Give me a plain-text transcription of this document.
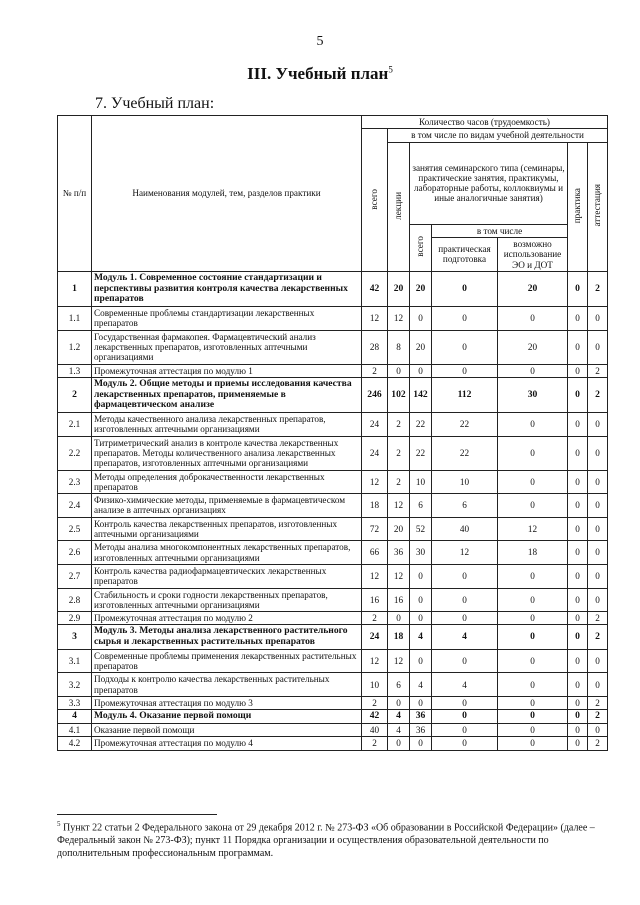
5
III. Учебный план$^5$
7. Учебный план:
№ п/п	Наименования модулей, тем, разделов практики	Количество часов (трудоемкость)						
		всего	в том числе по видам учебной деятельности					
			лекции	занятия семинарского типа (семинары, практические занятия, практикумы, лабораторные работы, коллоквиумы и иные аналогичные занятия)			практика	аттестация
				всего	в том числе			
					практическая подготовка	возможно использование ЭО и ДОТ		
1	Модуль 1. Современное состояние стандартизации и перспективы развития контроля качества лекарственных препаратов	42	20	20	0	20	0	2
1.1	Современные проблемы стандартизации лекарственных препаратов	12	12	0	0	0	0	0
1.2	Государственная фармакопея. Фармацевтический анализ лекарственных препаратов, изготовленных аптечными организациями	28	8	20	0	20	0	0
1.3	Промежуточная аттестация по модулю 1	2	0	0	0	0	0	2
2	Модуль 2. Общие методы и приемы исследования качества лекарственных препаратов, применяемые в фармацевтическом анализе	246	102	142	112	30	0	2
2.1	Методы качественного анализа лекарственных препаратов, изготовленных аптечными организациями	24	2	22	22	0	0	0
2.2	Титриметрический анализ в контроле качества лекарственных препаратов. Методы количественного анализа лекарственных препаратов, изготовленных аптечными организациями	24	2	22	22	0	0	0
2.3	Методы определения доброкачественности лекарственных препаратов	12	2	10	10	0	0	0
2.4	Физико-химические методы, применяемые в фармацевтическом анализе в аптечных организациях	18	12	6	6	0	0	0
2.5	Контроль качества лекарственных препаратов, изготовленных аптечными организациями	72	20	52	40	12	0	0
2.6	Методы анализа многокомпонентных лекарственных препаратов, изготовленных аптечными организациями	66	36	30	12	18	0	0
2.7	Контроль качества радиофармацевтических лекарственных препаратов	12	12	0	0	0	0	0
2.8	Стабильность и сроки годности лекарственных препаратов, изготовленных аптечными организациями	16	16	0	0	0	0	0
2.9	Промежуточная аттестация по модулю 2	2	0	0	0	0	0	2
3	Модуль 3. Методы анализа лекарственного растительного сырья и лекарственных растительных препаратов	24	18	4	4	0	0	2
3.1	Современные проблемы применения лекарственных растительных препаратов	12	12	0	0	0	0	0
3.2	Подходы к контролю качества лекарственных растительных препаратов	10	6	4	4	0	0	0
3.3	Промежуточная аттестация по модулю 3	2	0	0	0	0	0	2
4	Модуль 4. Оказание первой помощи	42	4	36	0	0	0	2
4.1	Оказание первой помощи	40	4	36	0	0	0	0
4.2	Промежуточная аттестация по модулю 4	2	0	0	0	0	0	2
$^5$ Пункт 22 статьи 2 Федерального закона от 29 декабря 2012 г. № 273-ФЗ «Об образовании в Российской Федерации» (далее – Федеральный закон № 273-ФЗ); пункт 11 Порядка организации и осуществления образовательной деятельности по дополнительным профессиональным программам.
